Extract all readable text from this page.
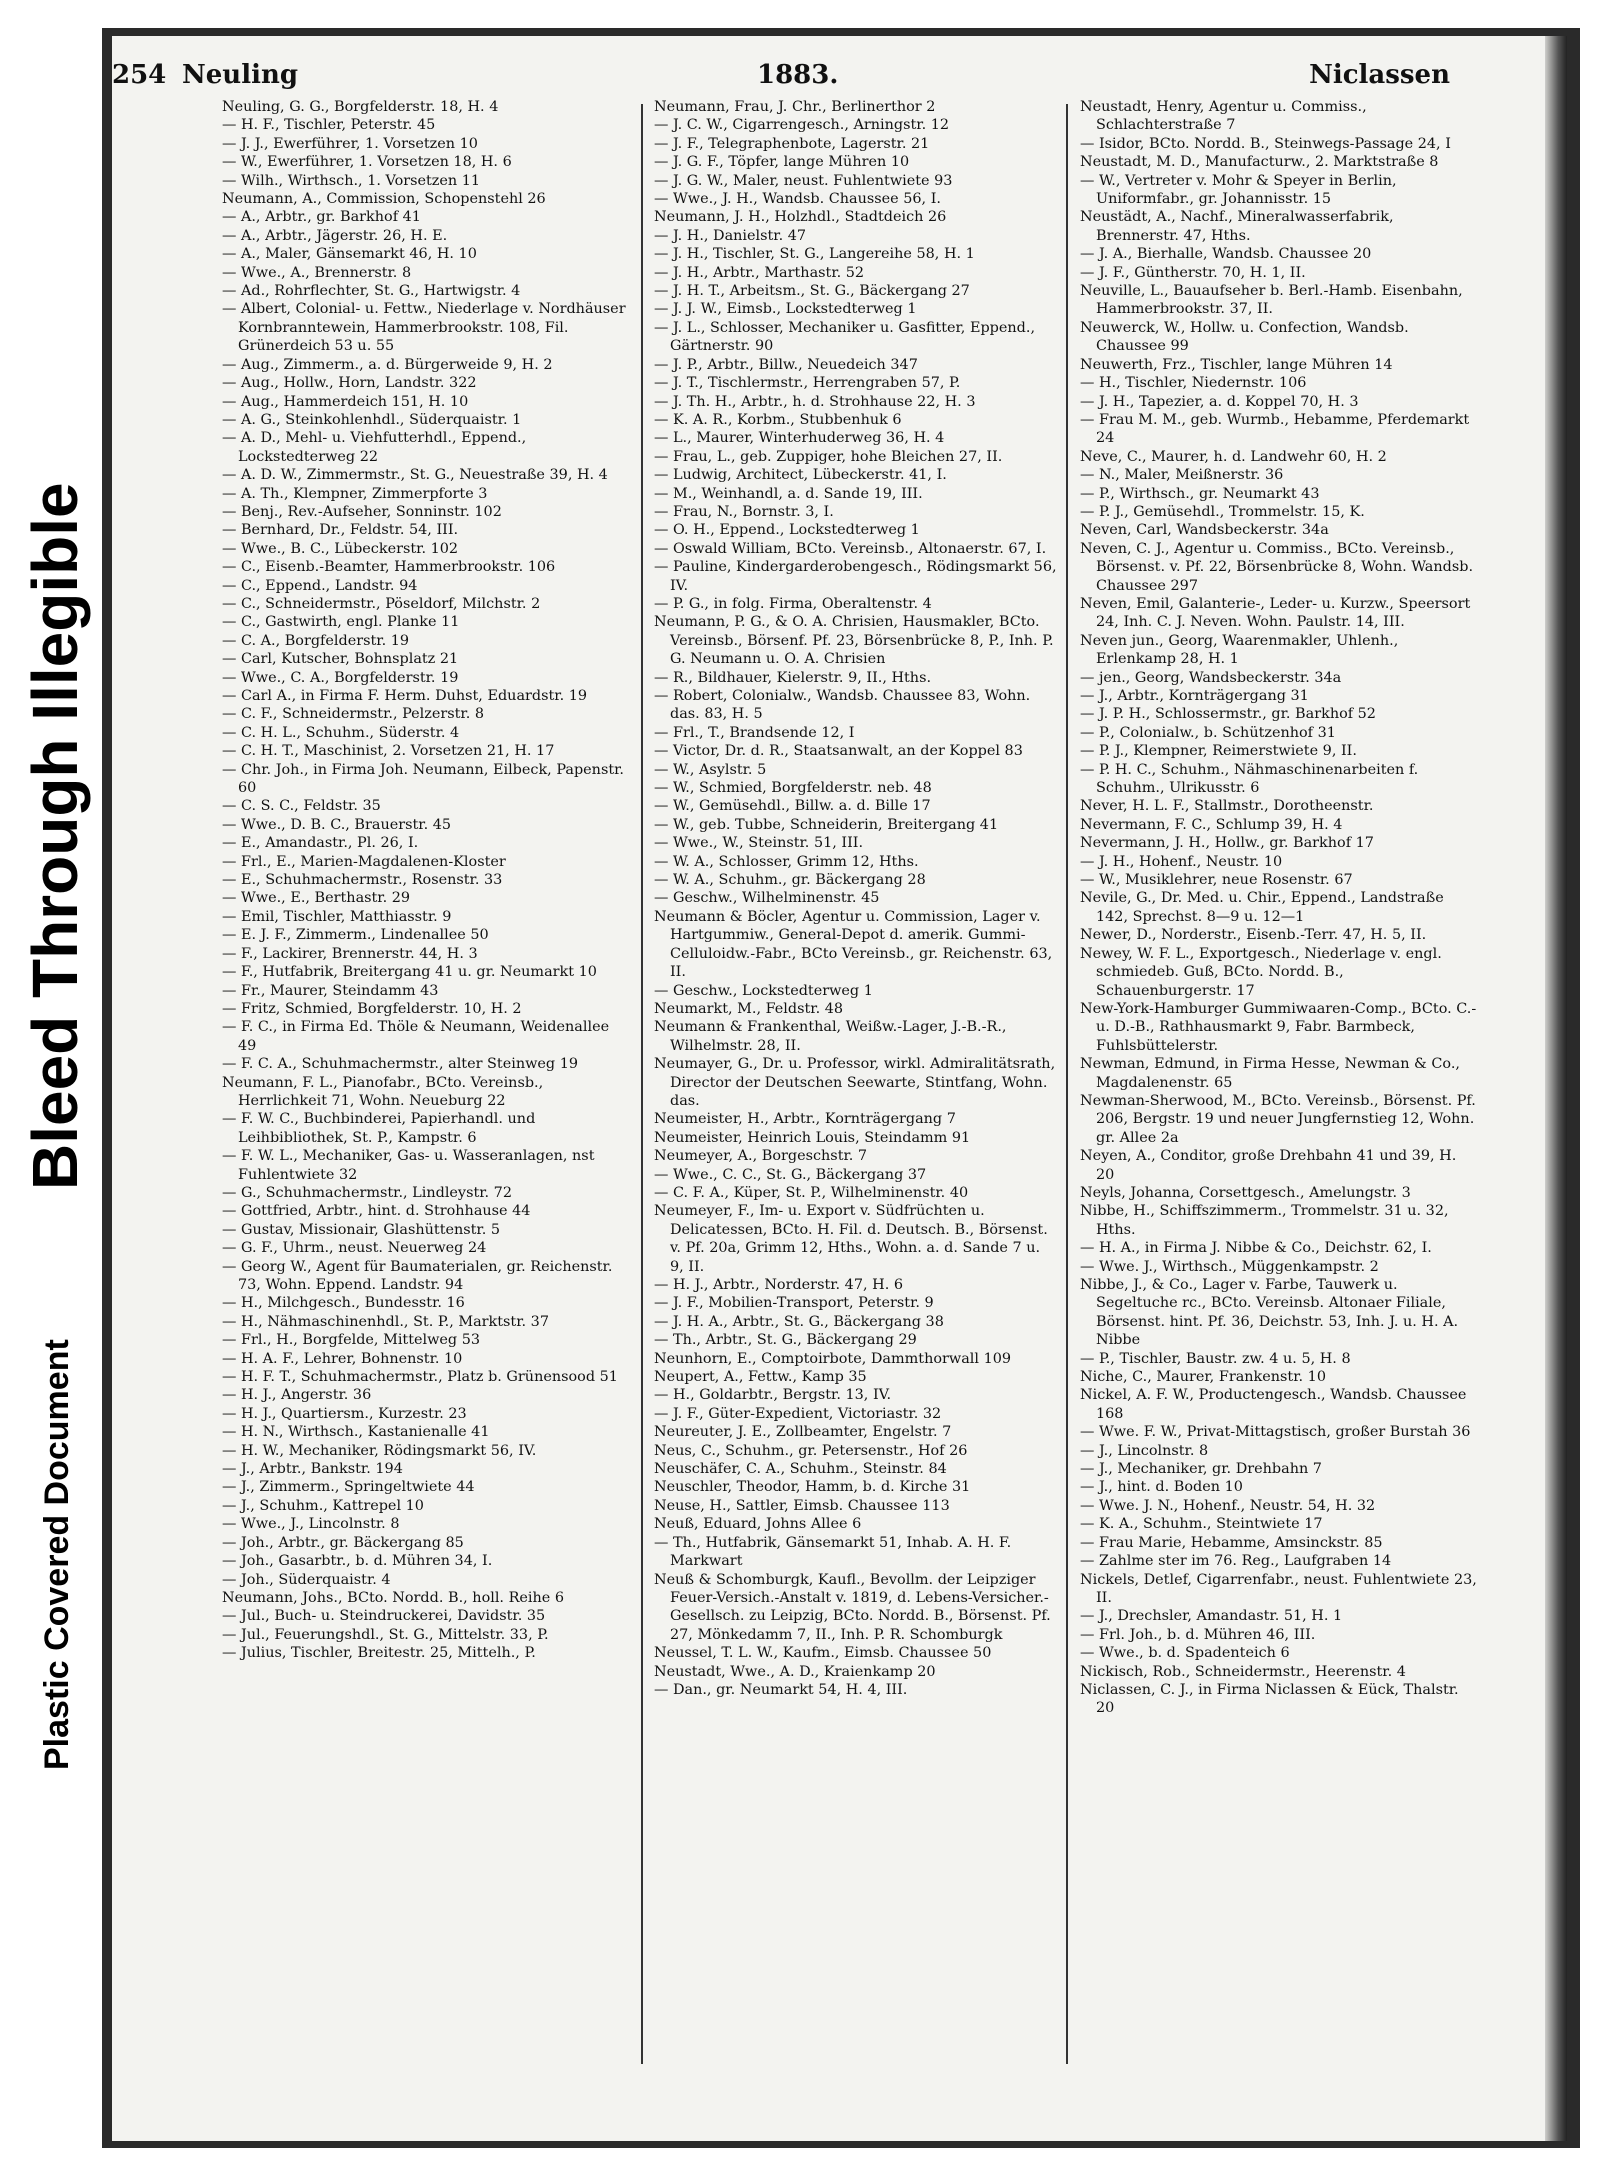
Plastic Covered Document
Bleed Through Illegible
254 Neuling	1883.	Niclassen

Neuling, G. G., Borgfelderstr. 18, H. 4

— H. F., Tischler, Peterstr. 45

— J. J., Ewerführer, 1. Vorsetzen 10

— W., Ewerführer, 1. Vorsetzen 18, H. 6

— Wilh., Wirthsch., 1. Vorsetzen 11

Neumann, A., Commission, Schopenstehl 26

— A., Arbtr., gr. Barkhof 41

— A., Arbtr., Jägerstr. 26, H. E.

— A., Maler, Gänsemarkt 46, H. 10

— Wwe., A., Brennerstr. 8

— Ad., Rohrflechter, St. G., Hartwigstr. 4

— Albert, Colonial- u. Fettw., Niederlage v. Nordhäuser Kornbranntewein, Hammerbrookstr. 108, Fil. Grünerdeich 53 u. 55

— Aug., Zimmerm., a. d. Bürgerweide 9, H. 2

— Aug., Hollw., Horn, Landstr. 322

— Aug., Hammerdeich 151, H. 10

— A. G., Steinkohlenhdl., Süderquaistr. 1

— A. D., Mehl- u. Viehfutterhdl., Eppend., Lockstedterweg 22

— A. D. W., Zimmermstr., St. G., Neuestraße 39, H. 4

— A. Th., Klempner, Zimmerpforte 3

— Benj., Rev.-Aufseher, Sonninstr. 102

— Bernhard, Dr., Feldstr. 54, III.

— Wwe., B. C., Lübeckerstr. 102

— C., Eisenb.-Beamter, Hammerbrookstr. 106

— C., Eppend., Landstr. 94

— C., Schneidermstr., Pöseldorf, Milchstr. 2

— C., Gastwirth, engl. Planke 11

— C. A., Borgfelderstr. 19

— Carl, Kutscher, Bohnsplatz 21

— Wwe., C. A., Borgfelderstr. 19

— Carl A., in Firma F. Herm. Duhst, Eduardstr. 19

— C. F., Schneidermstr., Pelzerstr. 8

— C. H. L., Schuhm., Süderstr. 4

— C. H. T., Maschinist, 2. Vorsetzen 21, H. 17

— Chr. Joh., in Firma Joh. Neumann, Eilbeck, Papenstr. 60

— C. S. C., Feldstr. 35

— Wwe., D. B. C., Brauerstr. 45

— E., Amandastr., Pl. 26, I.

— Frl., E., Marien-Magdalenen-Kloster

— E., Schuhmachermstr., Rosenstr. 33

— Wwe., E., Berthastr. 29

— Emil, Tischler, Matthiasstr. 9

— E. J. F., Zimmerm., Lindenallee 50

— F., Lackirer, Brennerstr. 44, H. 3

— F., Hutfabrik, Breitergang 41 u. gr. Neumarkt 10

— Fr., Maurer, Steindamm 43

— Fritz, Schmied, Borgfelderstr. 10, H. 2

— F. C., in Firma Ed. Thöle & Neumann, Weidenallee 49

— F. C. A., Schuhmachermstr., alter Steinweg 19

Neumann, F. L., Pianofabr., BCto. Vereinsb., Herrlichkeit 71, Wohn. Neueburg 22

— F. W. C., Buchbinderei, Papierhandl. und Leihbibliothek, St. P., Kampstr. 6

— F. W. L., Mechaniker, Gas- u. Wasseranlagen, nst Fuhlentwiete 32

— G., Schuhmachermstr., Lindleystr. 72

— Gottfried, Arbtr., hint. d. Strohhause 44

— Gustav, Missionair, Glashüttenstr. 5

— G. F., Uhrm., neust. Neuerweg 24

— Georg W., Agent für Baumaterialen, gr. Reichenstr. 73, Wohn. Eppend. Landstr. 94

— H., Milchgesch., Bundesstr. 16

— H., Nähmaschinenhdl., St. P., Marktstr. 37

— Frl., H., Borgfelde, Mittelweg 53

— H. A. F., Lehrer, Bohnenstr. 10

— H. F. T., Schuhmachermstr., Platz b. Grünensood 51

— H. J., Angerstr. 36

— H. J., Quartiersm., Kurzestr. 23

— H. N., Wirthsch., Kastanienalle 41

— H. W., Mechaniker, Rödingsmarkt 56, IV.

— J., Arbtr., Bankstr. 194

— J., Zimmerm., Springeltwiete 44

— J., Schuhm., Kattrepel 10

— Wwe., J., Lincolnstr. 8

— Joh., Arbtr., gr. Bäckergang 85

— Joh., Gasarbtr., b. d. Mühren 34, I.

— Joh., Süderquaistr. 4

Neumann, Johs., BCto. Nordd. B., holl. Reihe 6

— Jul., Buch- u. Steindruckerei, Davidstr. 35

— Jul., Feuerungshdl., St. G., Mittelstr. 33, P.

— Julius, Tischler, Breitestr. 25, Mittelh., P.

Neumann, Frau, J. Chr., Berlinerthor 2

— J. C. W., Cigarrengesch., Arningstr. 12

— J. F., Telegraphenbote, Lagerstr. 21

— J. G. F., Töpfer, lange Mühren 10

— J. G. W., Maler, neust. Fuhlentwiete 93

— Wwe., J. H., Wandsb. Chaussee 56, I.

Neumann, J. H., Holzhdl., Stadtdeich 26

— J. H., Danielstr. 47

— J. H., Tischler, St. G., Langereihe 58, H. 1

— J. H., Arbtr., Marthastr. 52

— J. H. T., Arbeitsm., St. G., Bäckergang 27

— J. J. W., Eimsb., Lockstedterweg 1

— J. L., Schlosser, Mechaniker u. Gasfitter, Eppend., Gärtnerstr. 90

— J. P., Arbtr., Billw., Neuedeich 347

— J. T., Tischlermstr., Herrengraben 57, P.

— J. Th. H., Arbtr., h. d. Strohhause 22, H. 3

— K. A. R., Korbm., Stubbenhuk 6

— L., Maurer, Winterhuderweg 36, H. 4

— Frau, L., geb. Zuppiger, hohe Bleichen 27, II.

— Ludwig, Architect, Lübeckerstr. 41, I.

— M., Weinhandl, a. d. Sande 19, III.

— Frau, N., Bornstr. 3, I.

— O. H., Eppend., Lockstedterweg 1

— Oswald William, BCto. Vereinsb., Altonaerstr. 67, I.

— Pauline, Kindergarderobengesch., Rödingsmarkt 56, IV.

— P. G., in folg. Firma, Oberaltenstr. 4

Neumann, P. G., & O. A. Chrisien, Hausmakler, BCto. Vereinsb., Börsenf. Pf. 23, Börsenbrücke 8, P., Inh. P. G. Neumann u. O. A. Chrisien

— R., Bildhauer, Kielerstr. 9, II., Hths.

— Robert, Colonialw., Wandsb. Chaussee 83, Wohn. das. 83, H. 5

— Frl., T., Brandsende 12, I

— Victor, Dr. d. R., Staatsanwalt, an der Koppel 83

— W., Asylstr. 5

— W., Schmied, Borgfelderstr. neb. 48

— W., Gemüsehdl., Billw. a. d. Bille 17

— W., geb. Tubbe, Schneiderin, Breitergang 41

— Wwe., W., Steinstr. 51, III.

— W. A., Schlosser, Grimm 12, Hths.

— W. A., Schuhm., gr. Bäckergang 28

— Geschw., Wilhelminenstr. 45

Neumann & Böcler, Agentur u. Commission, Lager v. Hartgummiw., General-Depot d. amerik. Gummi-Celluloidw.-Fabr., BCto Vereinsb., gr. Reichenstr. 63, II.

— Geschw., Lockstedterweg 1

Neumarkt, M., Feldstr. 48

Neumann & Frankenthal, Weißw.-Lager, J.-B.-R., Wilhelmstr. 28, II.

Neumayer, G., Dr. u. Professor, wirkl. Admiralitätsrath, Director der Deutschen Seewarte, Stintfang, Wohn. das.

Neumeister, H., Arbtr., Kornträgergang 7

Neumeister, Heinrich Louis, Steindamm 91

Neumeyer, A., Borgeschstr. 7

— Wwe., C. C., St. G., Bäckergang 37

— C. F. A., Küper, St. P., Wilhelminenstr. 40

Neumeyer, F., Im- u. Export v. Südfrüchten u. Delicatessen, BCto. H. Fil. d. Deutsch. B., Börsenst. v. Pf. 20a, Grimm 12, Hths., Wohn. a. d. Sande 7 u. 9, II.

— H. J., Arbtr., Norderstr. 47, H. 6

— J. F., Mobilien-Transport, Peterstr. 9

— J. H. A., Arbtr., St. G., Bäckergang 38

— Th., Arbtr., St. G., Bäckergang 29

Neunhorn, E., Comptoirbote, Dammthorwall 109

Neupert, A., Fettw., Kamp 35

— H., Goldarbtr., Bergstr. 13, IV.

— J. F., Güter-Expedient, Victoriastr. 32

Neureuter, J. E., Zollbeamter, Engelstr. 7

Neus, C., Schuhm., gr. Petersenstr., Hof 26

Neuschäfer, C. A., Schuhm., Steinstr. 84

Neuschler, Theodor, Hamm, b. d. Kirche 31

Neuse, H., Sattler, Eimsb. Chaussee 113

Neuß, Eduard, Johns Allee 6

— Th., Hutfabrik, Gänsemarkt 51, Inhab. A. H. F. Markwart

Neuß & Schomburgk, Kaufl., Bevollm. der Leipziger Feuer-Versich.-Anstalt v. 1819, d. Lebens-Versicher.-Gesellsch. zu Leipzig, BCto. Nordd. B., Börsenst. Pf. 27, Mönkedamm 7, II., Inh. P. R. Schomburgk

Neussel, T. L. W., Kaufm., Eimsb. Chaussee 50

Neustadt, Wwe., A. D., Kraienkamp 20

— Dan., gr. Neumarkt 54, H. 4, III.

Neustadt, Henry, Agentur u. Commiss., Schlachterstraße 7

— Isidor, BCto. Nordd. B., Steinwegs-Passage 24, I

Neustadt, M. D., Manufacturw., 2. Marktstraße 8

— W., Vertreter v. Mohr & Speyer in Berlin, Uniformfabr., gr. Johannisstr. 15

Neustädt, A., Nachf., Mineralwasserfabrik, Brennerstr. 47, Hths.

— J. A., Bierhalle, Wandsb. Chaussee 20

— J. F., Güntherstr. 70, H. 1, II.

Neuville, L., Bauaufseher b. Berl.-Hamb. Eisenbahn, Hammerbrookstr. 37, II.

Neuwerck, W., Hollw. u. Confection, Wandsb. Chaussee 99

Neuwerth, Frz., Tischler, lange Mühren 14

— H., Tischler, Niedernstr. 106

— J. H., Tapezier, a. d. Koppel 70, H. 3

— Frau M. M., geb. Wurmb., Hebamme, Pferdemarkt 24

Neve, C., Maurer, h. d. Landwehr 60, H. 2

— N., Maler, Meißnerstr. 36

— P., Wirthsch., gr. Neumarkt 43

— P. J., Gemüsehdl., Trommelstr. 15, K.

Neven, Carl, Wandsbeckerstr. 34a

Neven, C. J., Agentur u. Commiss., BCto. Vereinsb., Börsenst. v. Pf. 22, Börsenbrücke 8, Wohn. Wandsb. Chaussee 297

Neven, Emil, Galanterie-, Leder- u. Kurzw., Speersort 24, Inh. C. J. Neven. Wohn. Paulstr. 14, III.

Neven jun., Georg, Waarenmakler, Uhlenh., Erlenkamp 28, H. 1

— jen., Georg, Wandsbeckerstr. 34a

— J., Arbtr., Kornträgergang 31

— J. P. H., Schlossermstr., gr. Barkhof 52

— P., Colonialw., b. Schützenhof 31

— P. J., Klempner, Reimerstwiete 9, II.

— P. H. C., Schuhm., Nähmaschinenarbeiten f. Schuhm., Ulrikusstr. 6

Never, H. L. F., Stallmstr., Dorotheenstr.

Nevermann, F. C., Schlump 39, H. 4

Nevermann, J. H., Hollw., gr. Barkhof 17

— J. H., Hohenf., Neustr. 10

— W., Musiklehrer, neue Rosenstr. 67

Nevile, G., Dr. Med. u. Chir., Eppend., Landstraße 142, Sprechst. 8—9 u. 12—1

Newer, D., Norderstr., Eisenb.-Terr. 47, H. 5, II.

Newey, W. F. L., Exportgesch., Niederlage v. engl. schmiedeb. Guß, BCto. Nordd. B., Schauenburgerstr. 17

New-York-Hamburger Gummiwaaren-Comp., BCto. C.- u. D.-B., Rathhausmarkt 9, Fabr. Barmbeck, Fuhlsbüttelerstr.

Newman, Edmund, in Firma Hesse, Newman & Co., Magdalenenstr. 65

Newman-Sherwood, M., BCto. Vereinsb., Börsenst. Pf. 206, Bergstr. 19 und neuer Jungfernstieg 12, Wohn. gr. Allee 2a

Neyen, A., Conditor, große Drehbahn 41 und 39, H. 20

Neyls, Johanna, Corsettgesch., Amelungstr. 3

Nibbe, H., Schiffszimmerm., Trommelstr. 31 u. 32, Hths.

— H. A., in Firma J. Nibbe & Co., Deichstr. 62, I.

— Wwe. J., Wirthsch., Müggenkampstr. 2

Nibbe, J., & Co., Lager v. Farbe, Tauwerk u. Segeltuche rc., BCto. Vereinsb. Altonaer Filiale, Börsenst. hint. Pf. 36, Deichstr. 53, Inh. J. u. H. A. Nibbe

— P., Tischler, Baustr. zw. 4 u. 5, H. 8

Niche, C., Maurer, Frankenstr. 10

Nickel, A. F. W., Productengesch., Wandsb. Chaussee 168

— Wwe. F. W., Privat-Mittagstisch, großer Burstah 36

— J., Lincolnstr. 8

— J., Mechaniker, gr. Drehbahn 7

— J., hint. d. Boden 10

— Wwe. J. N., Hohenf., Neustr. 54, H. 32

— K. A., Schuhm., Steintwiete 17

— Frau Marie, Hebamme, Amsinckstr. 85

— Zahlme ster im 76. Reg., Laufgraben 14

Nickels, Detlef, Cigarrenfabr., neust. Fuhlentwiete 23, II.

— J., Drechsler, Amandastr. 51, H. 1

— Frl. Joh., b. d. Mühren 46, III.

— Wwe., b. d. Spadenteich 6

Nickisch, Rob., Schneidermstr., Heerenstr. 4

Niclassen, C. J., in Firma Niclassen & Eück, Thalstr. 20
